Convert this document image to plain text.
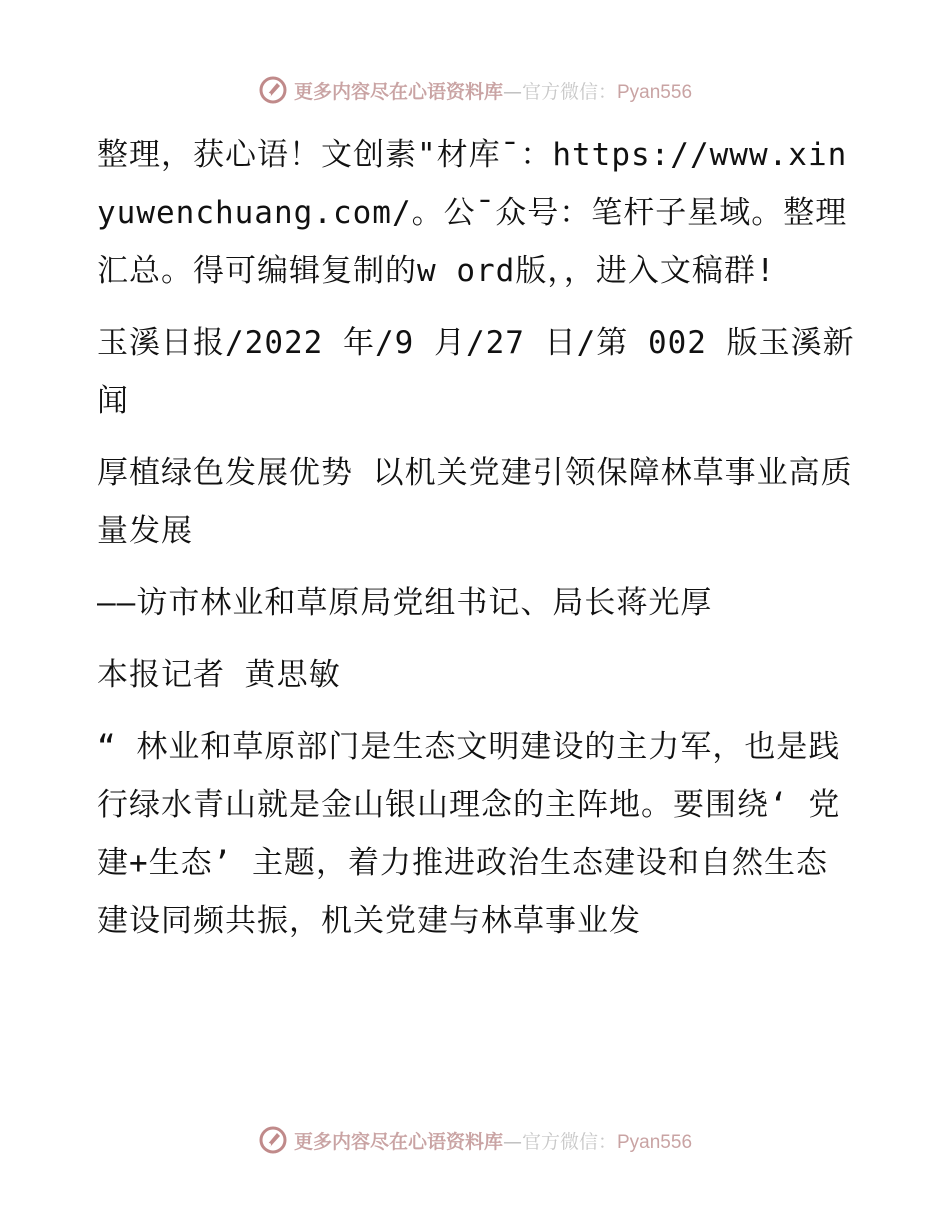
更多内容尽在心语资料库—官方微信：Pyan556

整理，获心语！文创素"材库¯：https://www.xinyuwenchuang.com/。公¯众号：笔杆子星域。整理汇总。得可编辑复制的w ord版，，进入文稿群!

玉溪日报/2022 年/9 月/27 日/第 002 版玉溪新闻

厚植绿色发展优势 以机关党建引领保障林草事业高质量发展

——访市林业和草原局党组书记、局长蒋光厚

本报记者 黄思敏

“ 林业和草原部门是生态文明建设的主力军，也是践行绿水青山就是金山银山理念的主阵地。要围绕‘ 党建+生态’ 主题，着力推进政治生态建设和自然生态建设同频共振，机关党建与林草事业发

更多内容尽在心语资料库—官方微信：Pyan556
